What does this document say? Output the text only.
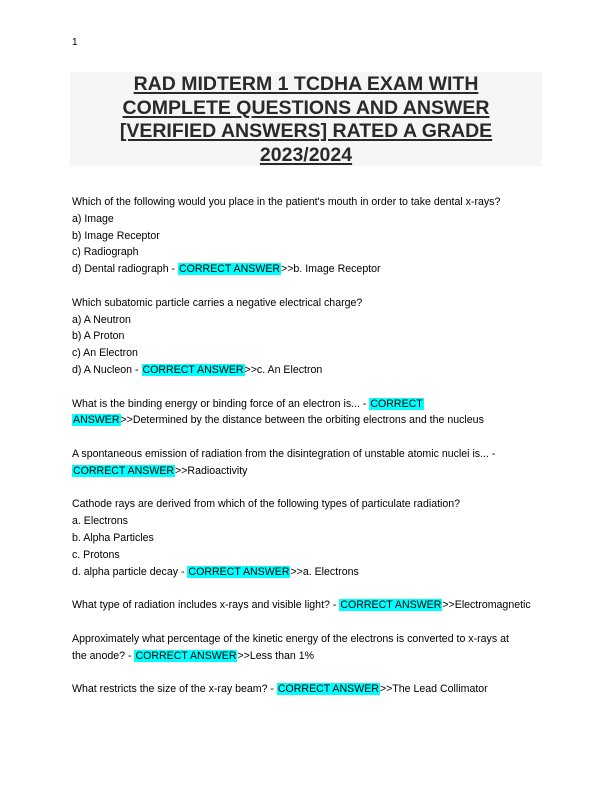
1
RAD MIDTERM 1 TCDHA EXAM WITH
COMPLETE QUESTIONS AND ANSWER
[VERIFIED ANSWERS] RATED A GRADE
2023/2024
Which of the following would you place in the patient's mouth in order to take dental x-rays?
a) Image
b) Image Receptor
c) Radiograph
d) Dental radiograph - CORRECT ANSWER>>b. Image Receptor
Which subatomic particle carries a negative electrical charge?
a) A Neutron
b) A Proton
c) An Electron
d) A Nucleon - CORRECT ANSWER>>c. An Electron
What is the binding energy or binding force of an electron is... - CORRECT
ANSWER>>Determined by the distance between the orbiting electrons and the nucleus
A spontaneous emission of radiation from the disintegration of unstable atomic nuclei is... -
CORRECT ANSWER>>Radioactivity
Cathode rays are derived from which of the following types of particulate radiation?
a. Electrons
b. Alpha Particles
c. Protons
d. alpha particle decay - CORRECT ANSWER>>a. Electrons
What type of radiation includes x-rays and visible light? - CORRECT ANSWER>>Electromagnetic
Approximately what percentage of the kinetic energy of the electrons is converted to x-rays at
the anode? - CORRECT ANSWER>>Less than 1%
What restricts the size of the x-ray beam? - CORRECT ANSWER>>The Lead Collimator
